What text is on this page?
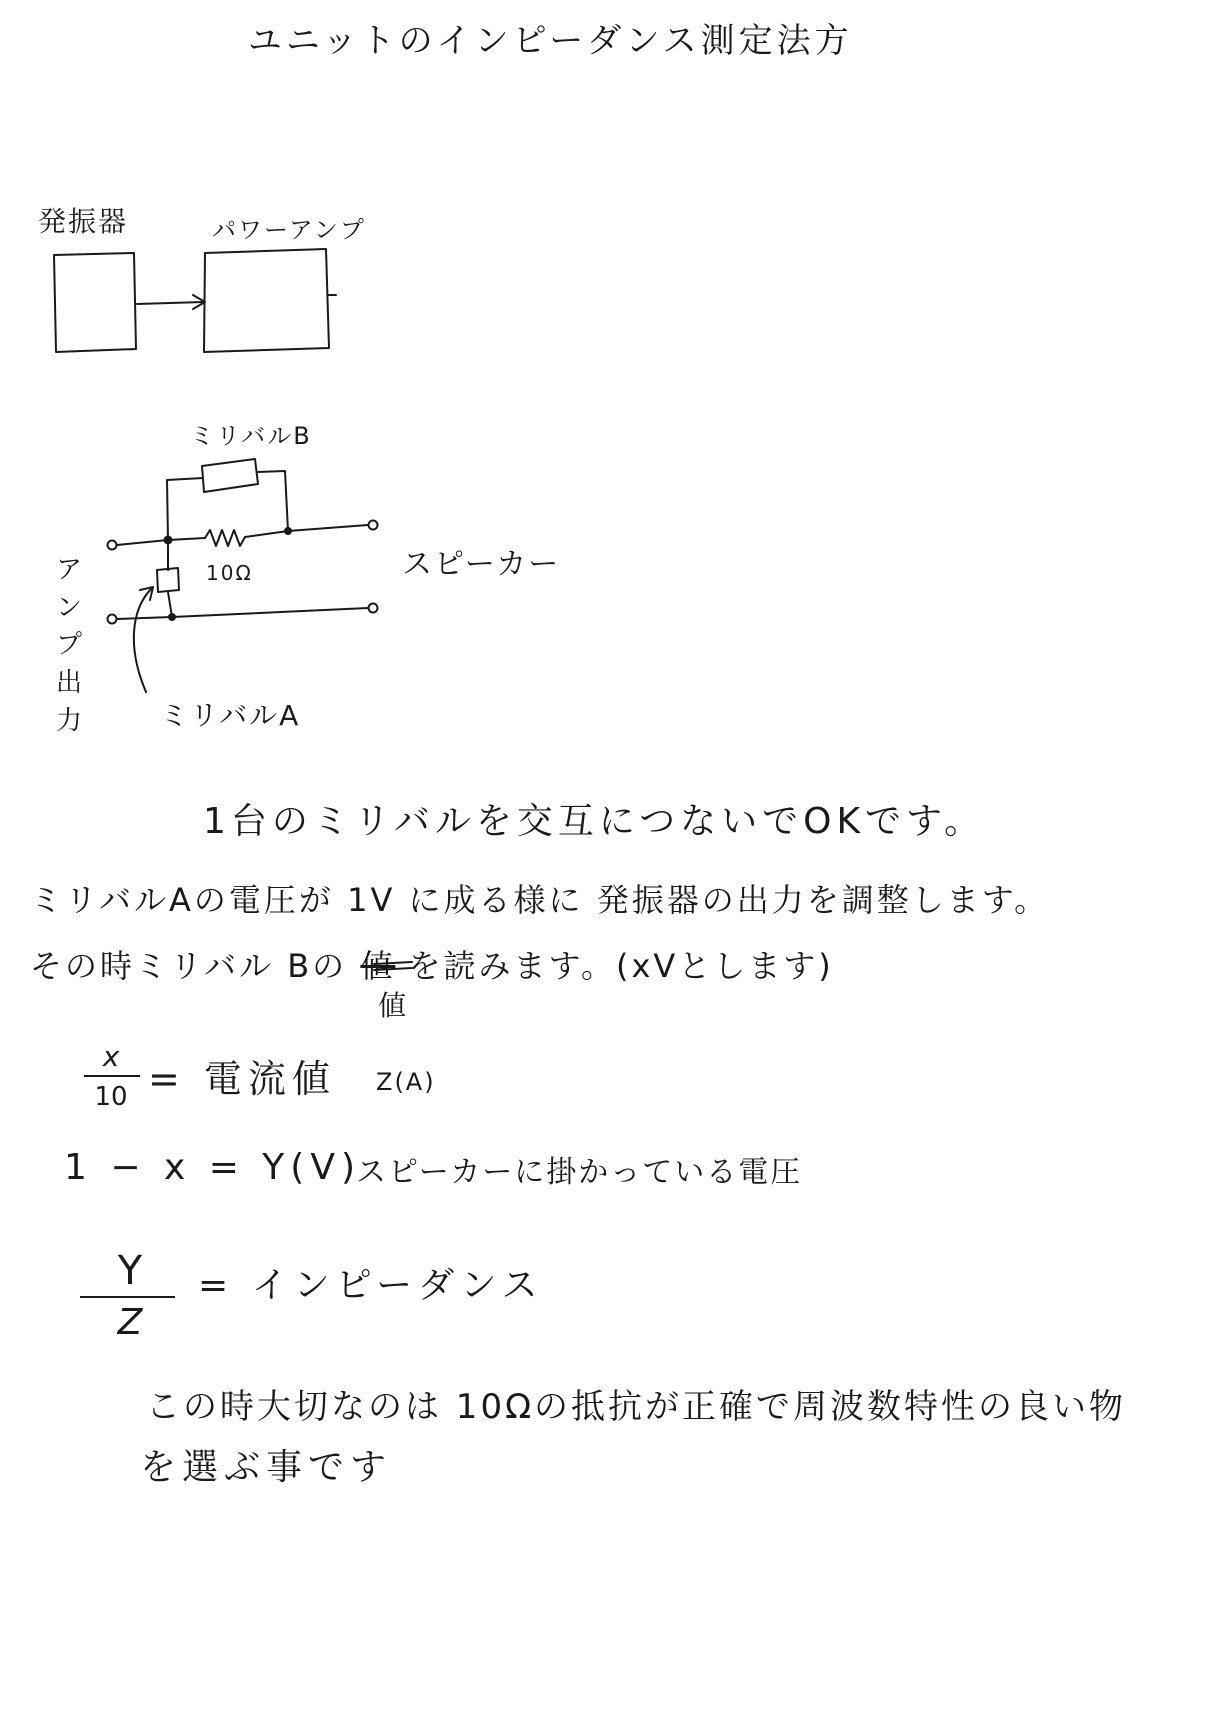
ユニットのインピーダンス測定法方
発振器	パワーアンプ
ミリバルB
10Ω	スピーカー
アンプ出力	ミリバルA
1台のミリバルを交互につないでOKです。
ミリバルAの電圧が 1V に成る様に 発振器の出力を調整します。
その時ミリバル Bの 値 を読みます。(xVとします)
値
x
10 = 電流値 Z(A)
1 − x = Y(V)
スピーカーに掛かっている電圧
Y
Z
= インピーダンス
この時大切なのは 10Ωの抵抗が正確で周波数特性の良い物
を選ぶ事です
